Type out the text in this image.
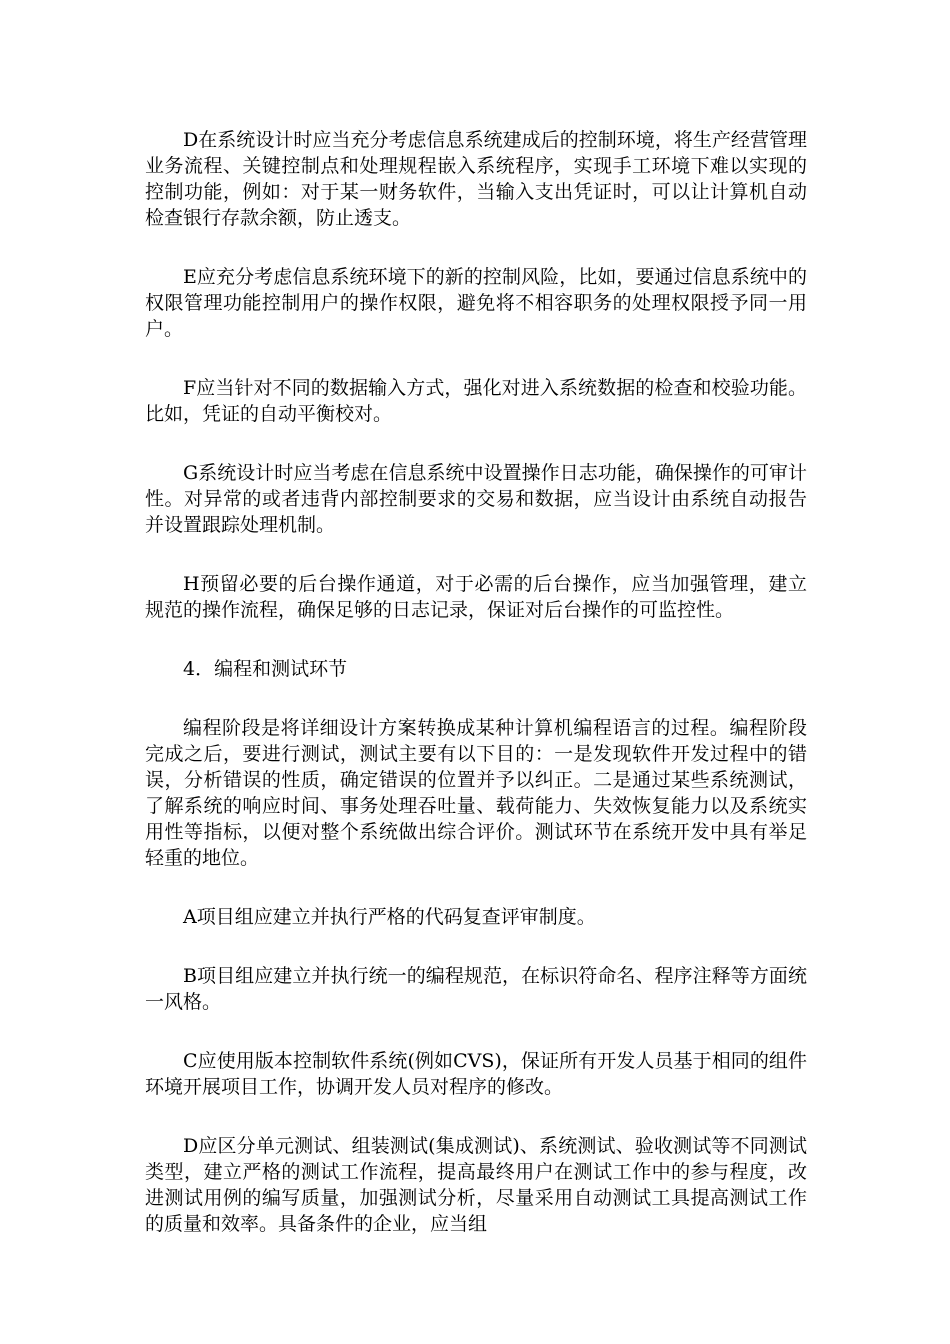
D在系统设计时应当充分考虑信息系统建成后的控制环境，将生产经营管理业务流程、关键控制点和处理规程嵌入系统程序，实现手工环境下难以实现的控制功能，例如：对于某一财务软件，当输入支出凭证时，可以让计算机自动检查银行存款余额，防止透支。

E应充分考虑信息系统环境下的新的控制风险，比如，要通过信息系统中的权限管理功能控制用户的操作权限，避免将不相容职务的处理权限授予同一用户。

F应当针对不同的数据输入方式，强化对进入系统数据的检查和校验功能。比如，凭证的自动平衡校对。

G系统设计时应当考虑在信息系统中设置操作日志功能，确保操作的可审计性。对异常的或者违背内部控制要求的交易和数据，应当设计由系统自动报告并设置跟踪处理机制。

H预留必要的后台操作通道，对于必需的后台操作，应当加强管理，建立规范的操作流程，确保足够的日志记录，保证对后台操作的可监控性。

4．编程和测试环节

编程阶段是将详细设计方案转换成某种计算机编程语言的过程。编程阶段完成之后，要进行测试，测试主要有以下目的：一是发现软件开发过程中的错误，分析错误的性质，确定错误的位置并予以纠正。二是通过某些系统测试，了解系统的响应时间、事务处理吞吐量、载荷能力、失效恢复能力以及系统实用性等指标，以便对整个系统做出综合评价。测试环节在系统开发中具有举足轻重的地位。

A项目组应建立并执行严格的代码复查评审制度。

B项目组应建立并执行统一的编程规范，在标识符命名、程序注释等方面统一风格。

C应使用版本控制软件系统(例如CVS)，保证所有开发人员基于相同的组件环境开展项目工作，协调开发人员对程序的修改。

D应区分单元测试、组装测试(集成测试)、系统测试、验收测试等不同测试类型，建立严格的测试工作流程，提高最终用户在测试工作中的参与程度，改进测试用例的编写质量，加强测试分析，尽量采用自动测试工具提高测试工作的质量和效率。具备条件的企业，应当组
